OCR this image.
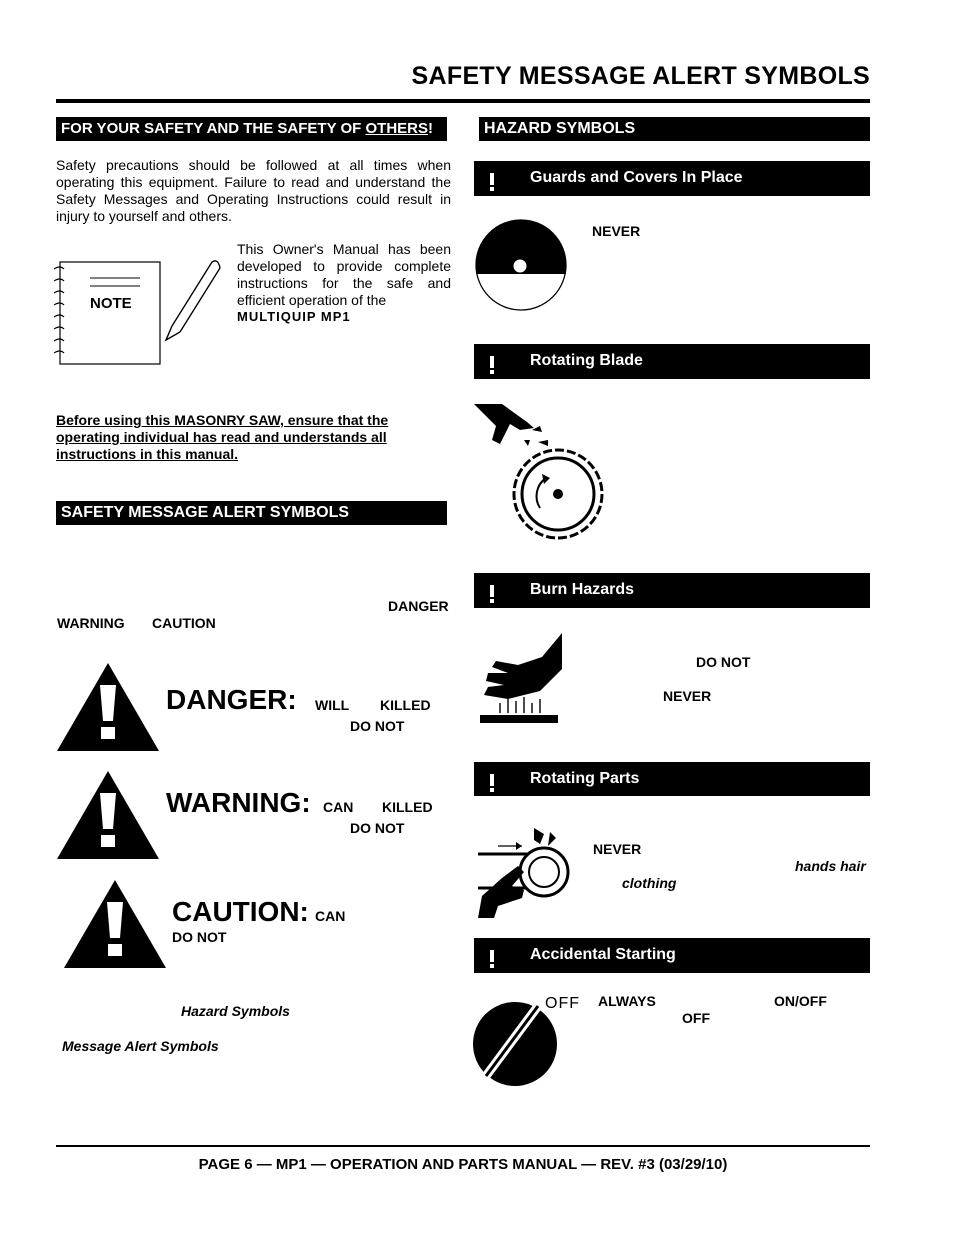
SAFETY MESSAGE ALERT SYMBOLS
FOR YOUR SAFETY AND THE SAFETY OF OTHERS!
Safety precautions should be followed at all times when operating this equipment. Failure to read and understand the Safety Messages and Operating Instructions could result in injury to yourself and others.
NOTE
This Owner's Manual has been developed to provide complete instructions for the safe and efficient operation of the
MULTIQUIP MP1
Before using this MASONRY SAW, ensure that the operating individual has read and understands all instructions in this manual.
SAFETY MESSAGE ALERT SYMBOLS
DANGER
WARNING CAUTION
DANGER: WILL KILLED
DO NOT
WARNING: CAN KILLED
DO NOT
CAUTION: CAN
DO NOT
Hazard Symbols
Message Alert Symbols
HAZARD SYMBOLS
Guards and Covers In Place
NEVER
Rotating Blade
Burn Hazards
DO NOT
NEVER
Rotating Parts
NEVER
hands hair
clothing
Accidental Starting
OFF ALWAYS	ON/OFF
OFF
PAGE 6 — MP1 — OPERATION AND PARTS MANUAL — REV. #3 (03/29/10)
